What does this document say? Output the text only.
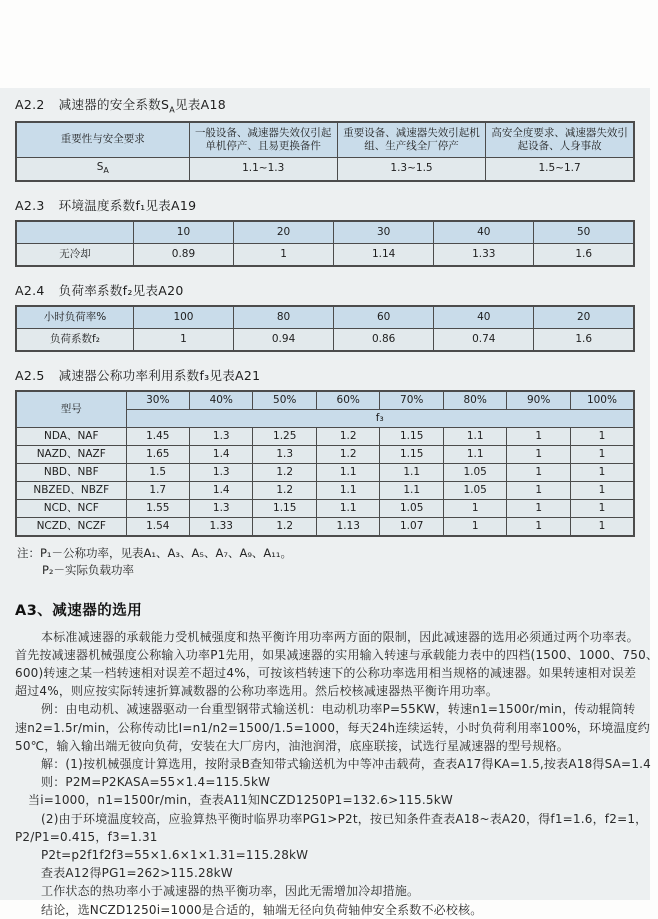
A2.2 减速器的安全系数$S_A$见表A18
重要性与安全要求	一般设备、减速器失效仅引起单机停产、且易更换备件	重要设备、减速器失效引起机组、生产线全厂停产	高安全度要求、减速器失效引起设备、人身事故
$S_A$	1.1~1.3	1.3~1.5	1.5~1.7
A2.3 环境温度系数f₁见表A19
	10	20	30	40	50
无冷却	0.89	1	1.14	1.33	1.6
A2.4 负荷率系数f₂见表A20
小时负荷率%	100	80	60	40	20
负荷系数f₂	1	0.94	0.86	0.74	1.6
A2.5 减速器公称功率利用系数f₃见表A21
型号	30%	40%	50%	60%	70%	80%	90%	100%
	f₃							
NDA、NAF	1.45	1.3	1.25	1.2	1.15	1.1	1	1
NAZD、NAZF	1.65	1.4	1.3	1.2	1.15	1.1	1	1
NBD、NBF	1.5	1.3	1.2	1.1	1.1	1.05	1	1
NBZED、NBZF	1.7	1.4	1.2	1.1	1.1	1.05	1	1
NCD、NCF	1.55	1.3	1.15	1.1	1.05	1	1	1
NCZD、NCZF	1.54	1.33	1.2	1.13	1.07	1	1	1
注：P₁－公称功率，见表A₁、A₃、A₅、A₇、A₉、A₁₁。
P₂－实际负载功率
A3、减速器的选用
本标准减速器的承载能力受机械强度和热平衡许用功率两方面的限制，因此减速器的选用必须通过两个功率表。
首先按减速器机械强度公称输入功率P1先用，如果减速器的实用输入转速与承载能力表中的四档(1500、1000、750、
600)转速之某一档转速相对误差不超过4%，可按该档转速下的公称功率选用相当规格的减速器。如果转速相对误差
超过4%，则应按实际转速折算减数器的公称功率选用。然后校核减速器热平衡许用功率。
例：由电动机、减速器驱动一台重型钢带式输送机：电动机功率P=55KW，转速n1=1500r/min，传动辊筒转
速n2=1.5r/min，公称传动比I=n1/n2=1500/1.5=1000，每天24h连续运转，小时负荷利用率100%，环境温度约
50℃，输入输出端无彼向负荷，安装在大厂房内，油池润滑，底座联接，试选行星减速器的型号规格。
解：(1)按机械强度计算选用，按附录B查知带式输送机为中等冲击载荷，查表A17得KA=1.5,按表A18得SA=1.4
则：P2M=P2KASA=55×1.4=115.5kW
当i=1000，n1=1500r/min，查表A11知NCZD1250P1=132.6>115.5kW
(2)由于环境温度较高，应验算热平衡时临界功率PG1>P2t，按已知条件查表A18~表A20，得f1=1.6，f2=1，
P2/P1=0.415，f3=1.31
P2t=p2f1f2f3=55×1.6×1×1.31=115.28kW
查表A12得PG1=262>115.28kW
工作状态的热功率小于减速器的热平衡功率，因此无需增加冷却措施。
结论，选NCZD1250i=1000是合适的，轴端无径向负荷轴伸安全系数不必校核。
